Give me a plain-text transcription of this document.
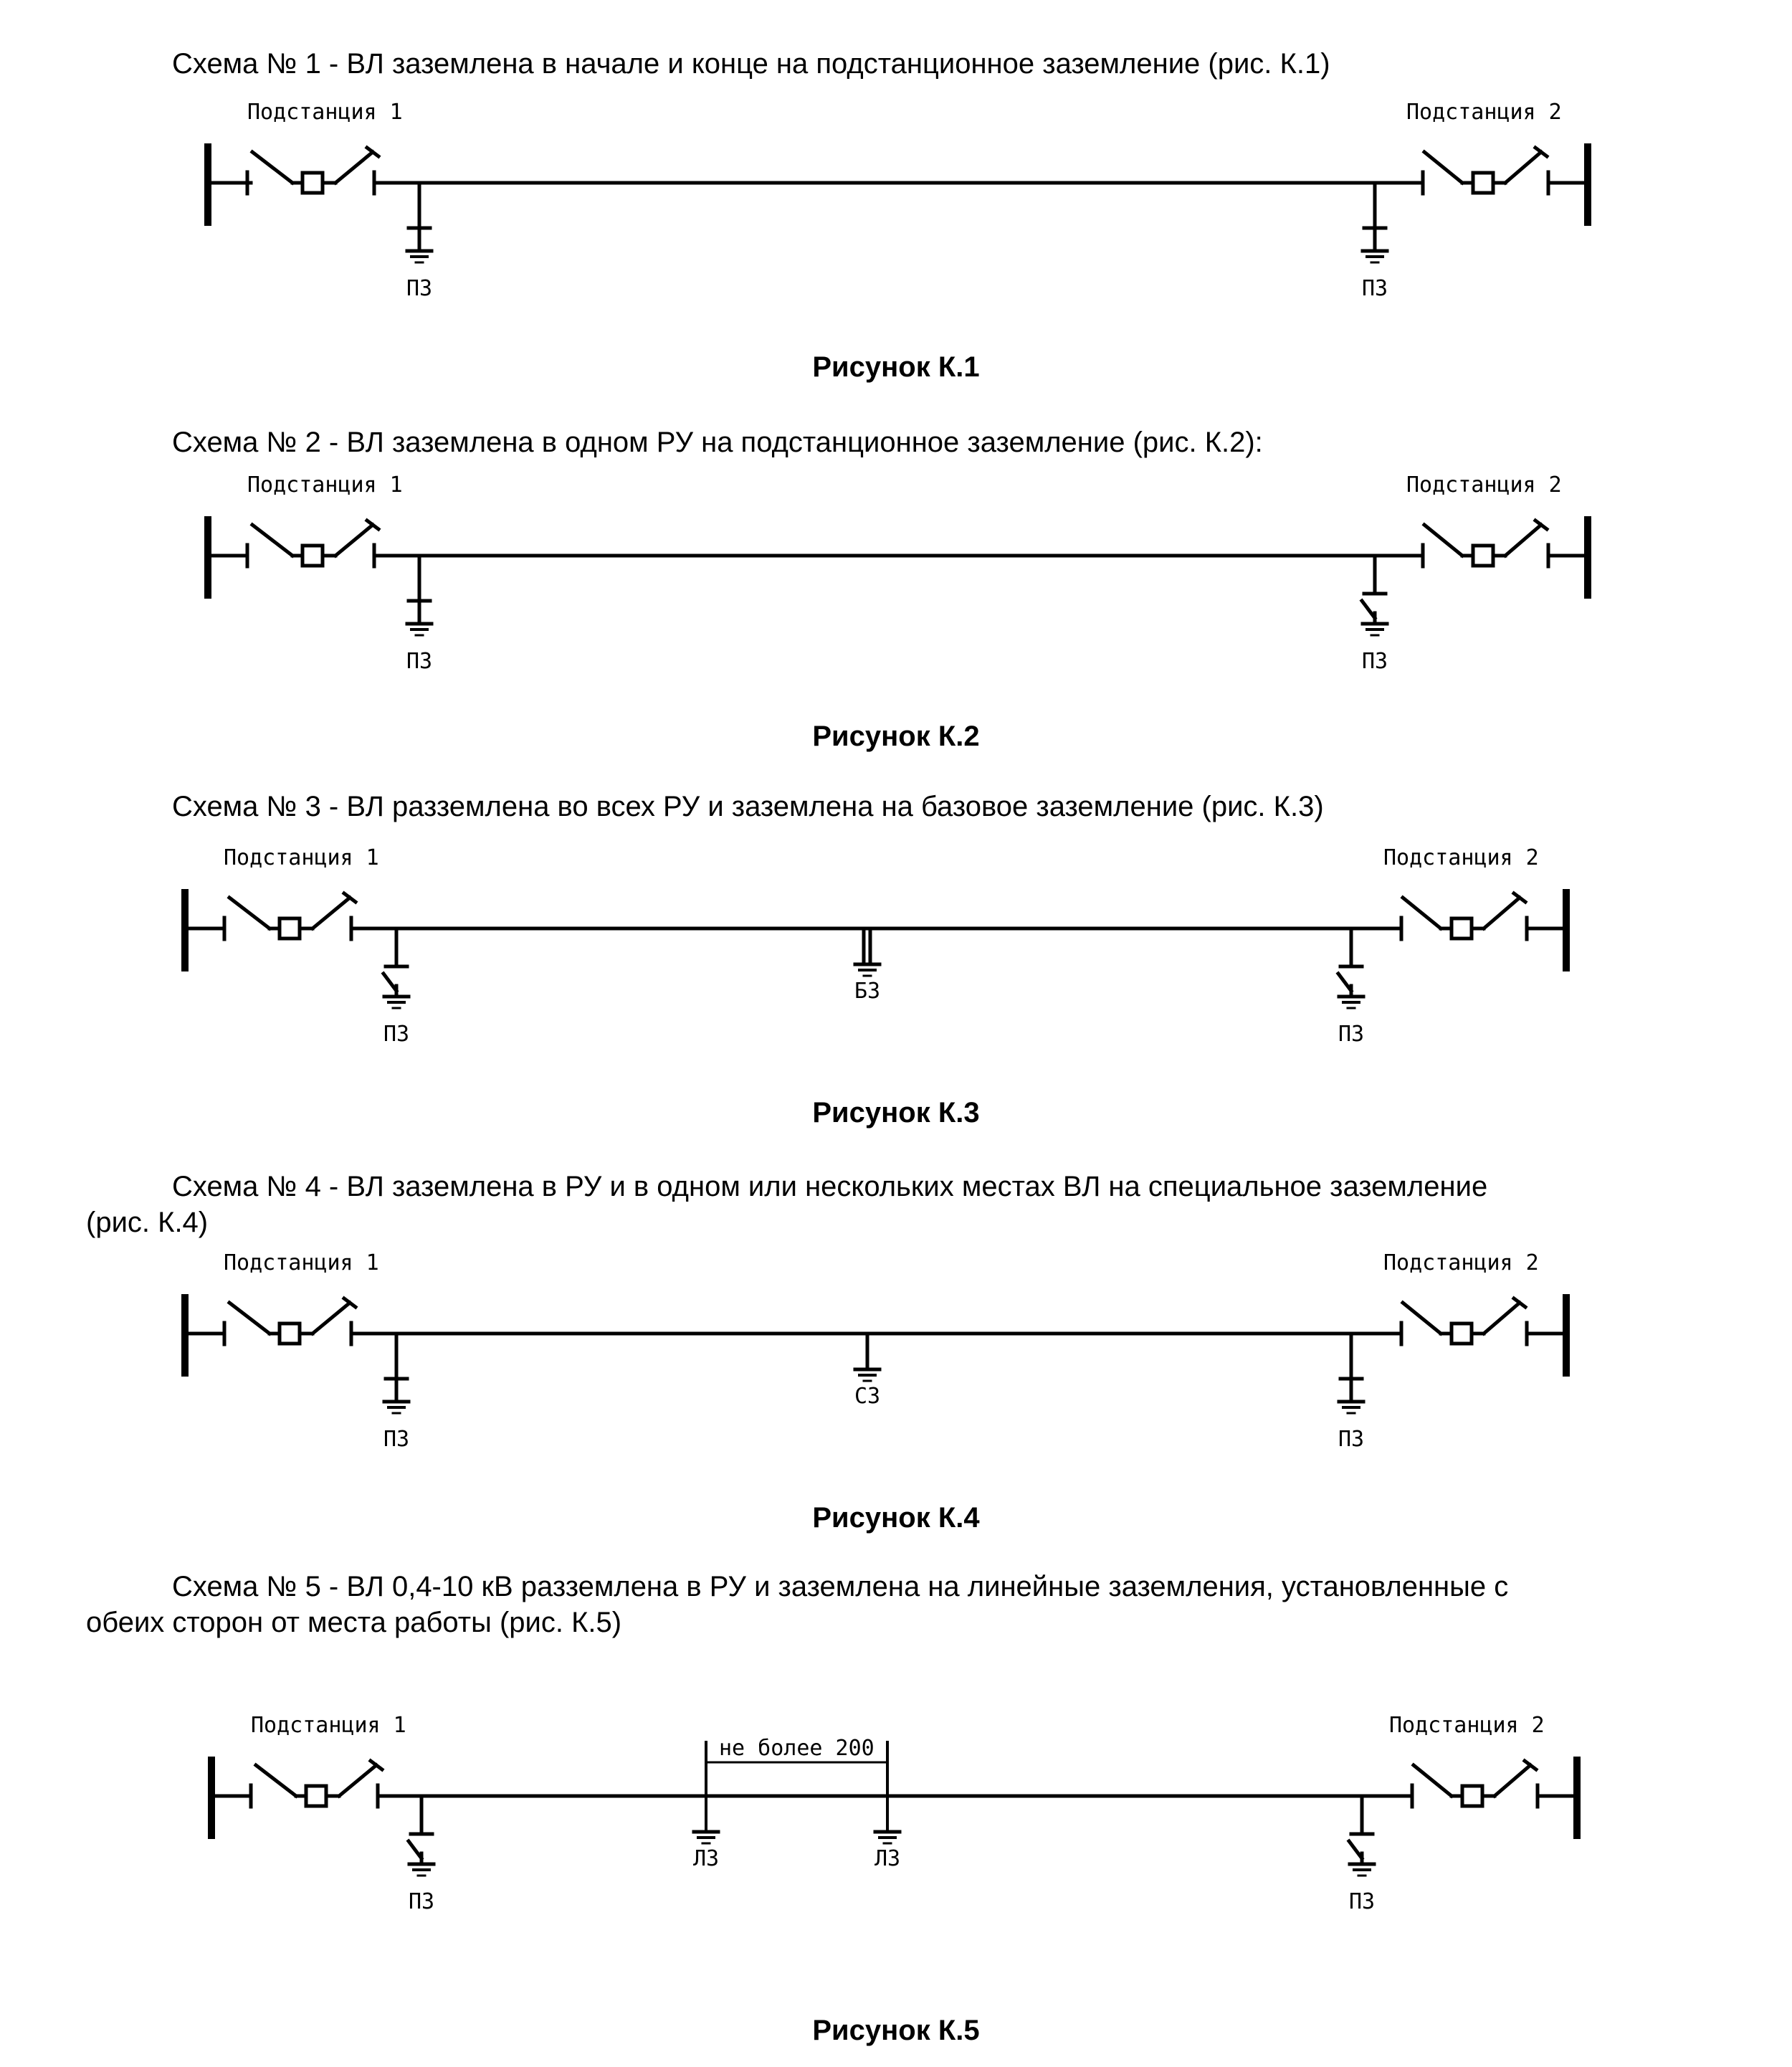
Схема № 1 - ВЛ заземлена в начале и конце на подстанционное заземление (рис. К.1)

Подстанция 1	Подстанция 2
ПЗ	ПЗ
Рисунок К.1

Схема № 2 - ВЛ заземлена в одном РУ на подстанционное заземление (рис. К.2):

Подстанция 1	Подстанция 2
ПЗ	ПЗ
Рисунок К.2

Схема № 3 - ВЛ разземлена во всех РУ и заземлена на базовое заземление (рис. К.3)

Подстанция 1	Подстанция 2
ПЗ
БЗ
ПЗ
Рисунок К.3

Схема № 4 - ВЛ заземлена в РУ и в одном или нескольких местах ВЛ на специальное заземление (рис. К.4)

Подстанция 1	Подстанция 2
ПЗ
СЗ
ПЗ
Рисунок К.4

Схема № 5 - ВЛ 0,4-10 кВ разземлена в РУ и заземлена на линейные заземления, установленные с обеих сторон от места работы (рис. К.5)

Подстанция 1	Подстанция 2
не более 200
ПЗ
ЛЗ	ЛЗ
ПЗ
Рисунок К.5
